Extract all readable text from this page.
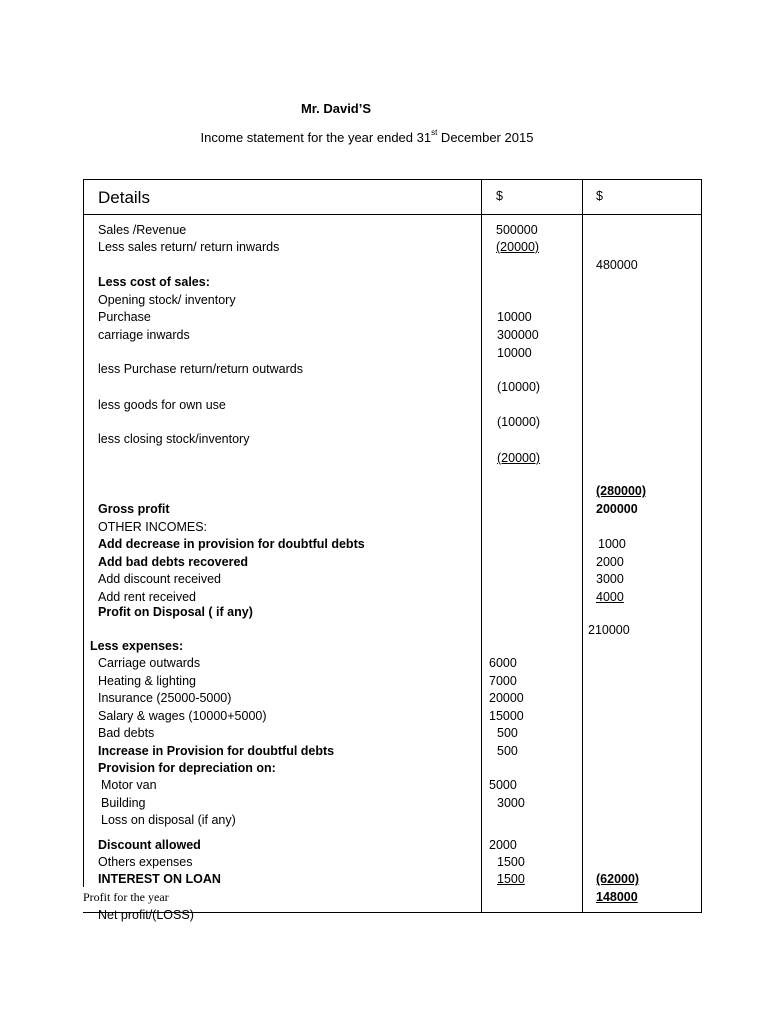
Mr. David’S
Income statement for the year ended 31st December 2015
Details	$	$
Sales /Revenue
Less sales return/ return inwards
Less cost of sales:
Opening stock/ inventory
Purchase
carriage inwards
less Purchase return/return outwards
less goods for own use
less closing stock/inventory
Gross profit
OTHER INCOMES:
Add decrease in provision for doubtful debts
Add bad debts recovered
Add discount received
Add rent received
Profit on Disposal ( if any)
Less expenses:
Carriage outwards
Heating & lighting
Insurance (25000-5000)
Salary & wages (10000+5000)
Bad debts
Increase in Provision for doubtful debts
Provision for depreciation on:
Motor van
Building
Loss on disposal (if any)
Discount allowed
Others expenses
INTEREST ON LOAN
Profit for the year
Net profit/(LOSS)
500000
(20000)
10000
300000
10000
(10000)
(10000)
(20000)
6000
7000
20000
15000
500
500
5000
3000
2000
1500
1500
480000
(280000)
200000
1000
2000
3000
4000
210000
(62000)
148000
